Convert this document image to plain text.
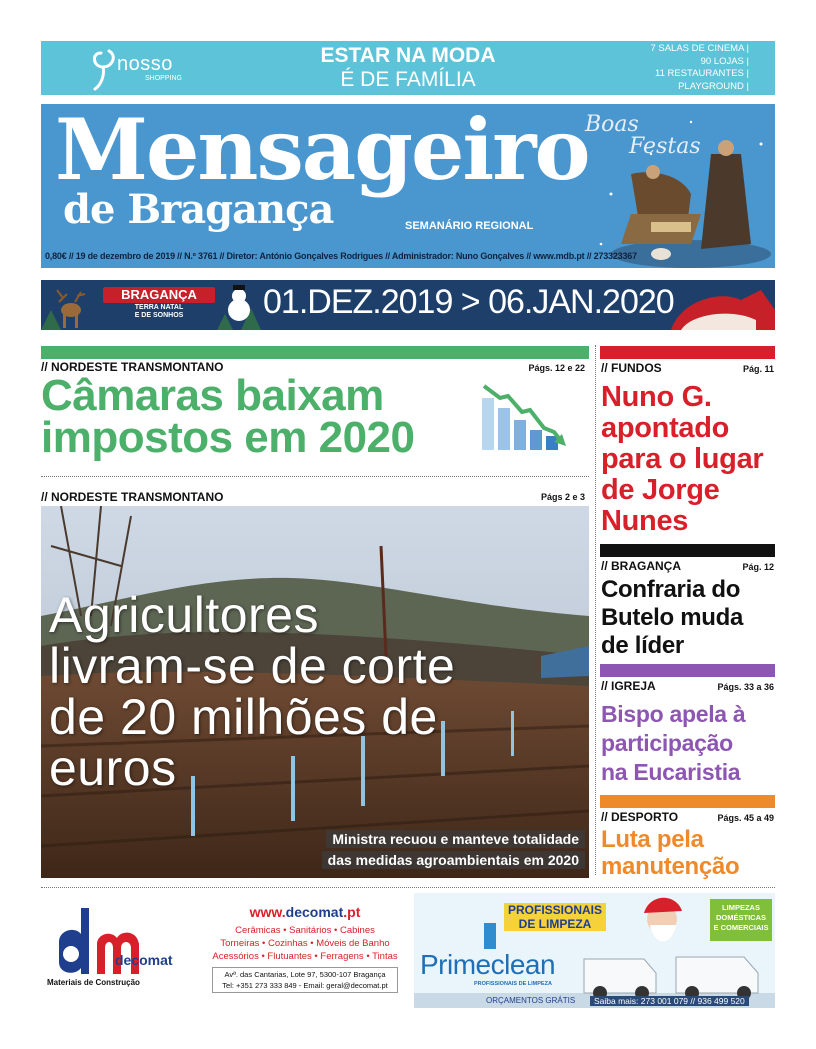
nosso
SHOPPING
ESTAR NA MODA
É DE FAMÍLIA
7 SALAS DE CINEMA |
90 LOJAS |
11 RESTAURANTES |
PLAYGROUND |
Mensageiro
de Bragança	SEMANÁRIO REGIONAL
Boas
Festas
0,80€ // 19 de dezembro de 2019 // N.º 3761 // Diretor: António Gonçalves Rodrigues // Administrador: Nuno Gonçalves // www.mdb.pt // 273323367
BRAGANÇA
TERRA NATAL
E DE SONHOS	01.DEZ.2019 > 06.JAN.2020
// NORDESTE TRANSMONTANO	Págs. 12 e 22
Câmaras baixam
impostos em 2020
// NORDESTE TRANSMONTANO	Págs 2 e 3
Agricultores
livram-se de corte
de 20 milhões de
euros
Ministra recuou e manteve totalidade
das medidas agroambientais em 2020
// FUNDOS	Pág. 11
Nuno G.
apontado
para o lugar
de Jorge
Nunes
// BRAGANÇA	Pág. 12
Confraria do
Butelo muda
de líder
// IGREJA	Págs. 33 a 36
Bispo apela à
participação
na Eucaristia
// DESPORTO	Págs. 45 a 49
Luta pela
manutenção
decomat
Materiais de Construção
www.decomat.pt
Cerâmicas • Sanitários • Cabines
Torneiras • Cozinhas • Móveis de Banho
Acessórios • Flutuantes • Ferragens • Tintas
Avª. das Cantarias, Lote 97, 5300-107 Bragança
Tel: +351 273 333 849 - Email: geral@decomat.pt
PROFISSIONAIS
DE LIMPEZA
LIMPEZAS
DOMÉSTICAS
E COMERCIAIS
Primeclean
PROFISSIONAIS DE LIMPEZA
ORÇAMENTOS GRÁTIS	Saiba mais: 273 001 079 // 936 499 520
